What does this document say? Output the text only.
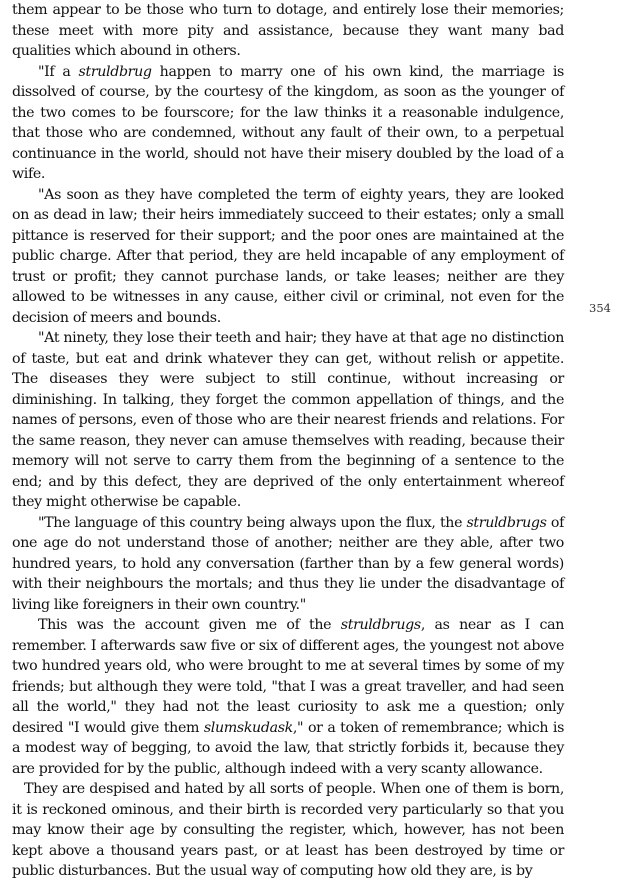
them appear to be those who turn to dotage, and entirely lose their memories; these meet with more pity and assistance, because they want many bad qualities which abound in others.

"If a struldbrug happen to marry one of his own kind, the marriage is dissolved of course, by the courtesy of the kingdom, as soon as the younger of the two comes to be fourscore; for the law thinks it a reasonable indulgence, that those who are condemned, without any fault of their own, to a perpetual continuance in the world, should not have their misery doubled by the load of a wife.

"As soon as they have completed the term of eighty years, they are looked on as dead in law; their heirs immediately succeed to their estates; only a small pittance is reserved for their support; and the poor ones are maintained at the public charge. After that period, they are held incapable of any employment of trust or profit; they cannot purchase lands, or take leases; neither are they allowed to be witnesses in any cause, either civil or criminal, not even for the decision of meers and bounds.

"At ninety, they lose their teeth and hair; they have at that age no distinction of taste, but eat and drink whatever they can get, without relish or appetite. The diseases they were subject to still continue, without increasing or diminishing. In talking, they forget the common appellation of things, and the names of persons, even of those who are their nearest friends and relations. For the same reason, they never can amuse themselves with reading, because their memory will not serve to carry them from the beginning of a sentence to the end; and by this defect, they are deprived of the only entertainment whereof they might otherwise be capable.

"The language of this country being always upon the flux, the struldbrugs of one age do not understand those of another; neither are they able, after two hundred years, to hold any conversation (farther than by a few general words) with their neighbours the mortals; and thus they lie under the disadvantage of living like foreigners in their own country."

This was the account given me of the struldbrugs, as near as I can remember. I afterwards saw five or six of different ages, the youngest not above two hundred years old, who were brought to me at several times by some of my friends; but although they were told, "that I was a great traveller, and had seen all the world," they had not the least curiosity to ask me a question; only desired "I would give them slumskudask," or a token of remembrance; which is a modest way of begging, to avoid the law, that strictly forbids it, because they are provided for by the public, although indeed with a very scanty allowance.

They are despised and hated by all sorts of people. When one of them is born, it is reckoned ominous, and their birth is recorded very particularly so that you may know their age by consulting the register, which, however, has not been kept above a thousand years past, or at least has been destroyed by time or public disturbances. But the usual way of computing how old they are, is by

354
